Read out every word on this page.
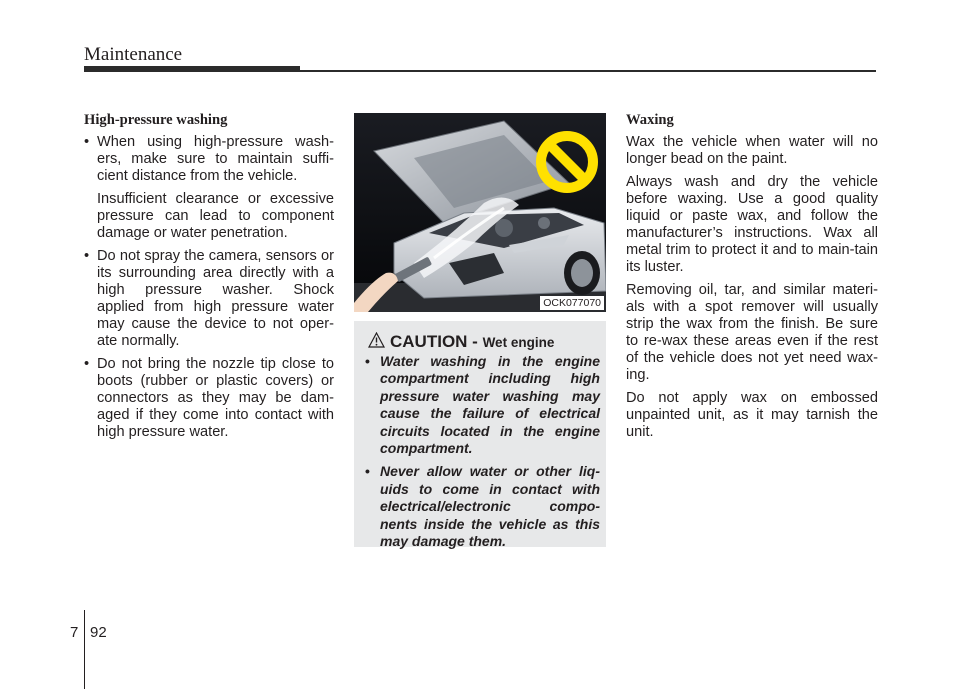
Maintenance
High-pressure washing
• When using high-pressure wash-ers, make sure to maintain suffi-cient distance from the vehicle.
Insufficient clearance or excessive pressure can lead to component damage or water penetration.
• Do not spray the camera, sensors or its surrounding area directly with a high pressure washer. Shock applied from high pressure water may cause the device to not oper-ate normally.
• Do not bring the nozzle tip close to boots (rubber or plastic covers) or connectors as they may be dam-aged if they come into contact with high pressure water.
OCK077070
CAUTION - Wet engine
• Water washing in the engine compartment including high pressure water washing may cause the failure of electrical circuits located in the engine compartment.
• Never allow water or other liq-uids to come in contact with electrical/electronic compo-nents inside the vehicle as this may damage them.
Waxing
Wax the vehicle when water will no longer bead on the paint.
Always wash and dry the vehicle before waxing. Use a good quality liquid or paste wax, and follow the manufacturer’s instructions. Wax all metal trim to protect it and to main-tain its luster.
Removing oil, tar, and similar materi-als with a spot remover will usually strip the wax from the finish. Be sure to re-wax these areas even if the rest of the vehicle does not yet need wax-ing.
Do not apply wax on embossed unpainted unit, as it may tarnish the unit.
7 92
